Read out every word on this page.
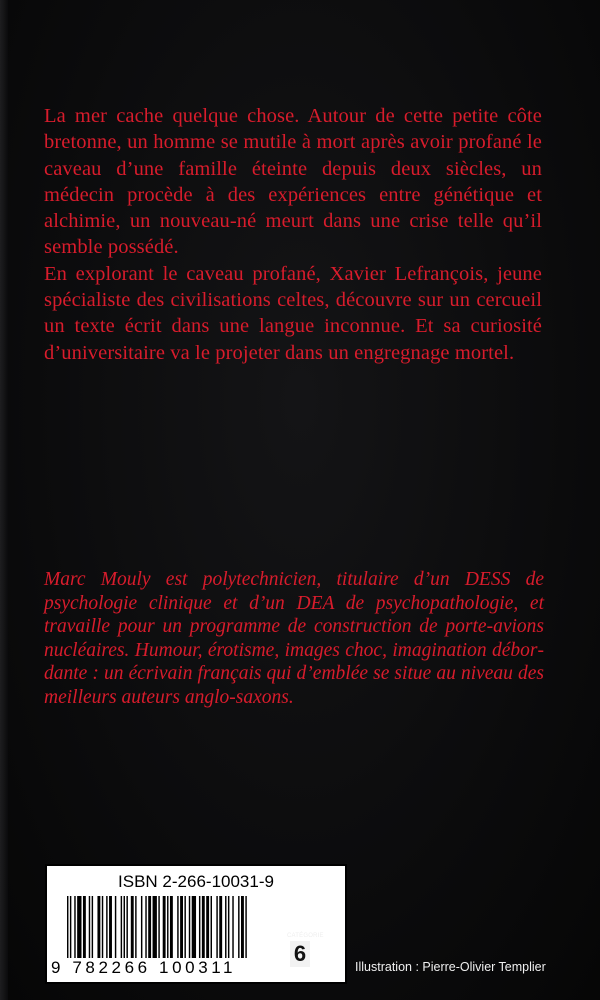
La mer cache quelque chose. Autour de cette petite côte bretonne, un homme se mutile à mort après avoir profané le caveau d’une famille éteinte depuis deux siècles, un médecin procède à des expériences entre génétique et alchimie, un nouveau-né meurt dans une crise telle qu’il semble possédé.

En explorant le caveau profané, Xavier Lefrançois, jeune spécialiste des civilisations celtes, découvre sur un cercueil un texte écrit dans une langue inconnue. Et sa curiosité d’universitaire va le projeter dans un engregnage mortel.

Marc Mouly est polytechnicien, titulaire d’un DESS de psychologie clinique et d’un DEA de psychopathologie, et travaille pour un programme de construction de porte-avions nucléaires. Humour, érotisme, images choc, imagination débordante : un écrivain français qui d’emblée se situe au niveau des meilleurs auteurs anglo-saxons.
ISBN 2-266-10031-9
9 782266 100311
CATÉGORIE
6
Illustration : Pierre-Olivier Templier
